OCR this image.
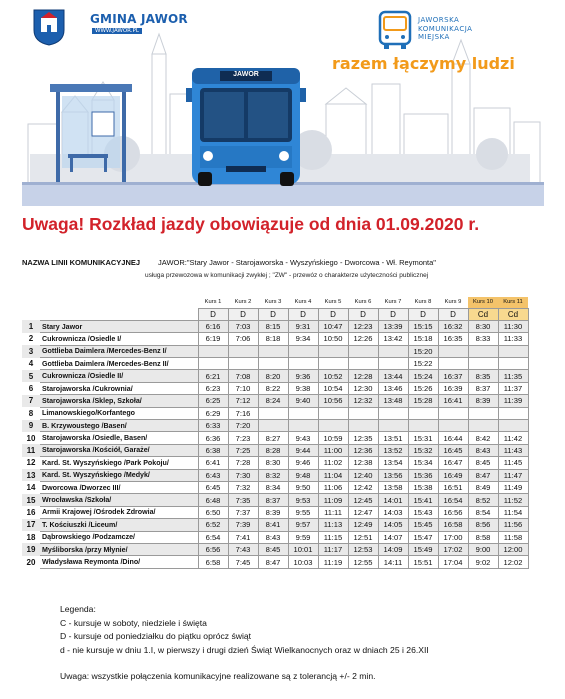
JAWOR
GMINA JAWOR
WWW.JAWOR.PL
JAWORSKA
KOMUNIKACJA
MIEJSKA
razem łączymy ludzi
Uwaga! Rozkład jazdy obowiązuje od dnia 01.09.2020 r.
NAZWA LINII KOMUNIKACYJNEJ JAWOR:"Stary Jawor - Starojaworska - Wyszyńskiego - Dworcowa - Wł. Reymonta"
usługa przewozowa w komunikacji zwykłej ; "ZW" - przewóz o charakterze użyteczności publicznej
		Kurs 1	Kurs 2	Kurs 3	Kurs 4	Kurs 5	Kurs 6	Kurs 7	Kurs 8	Kurs 9	Kurs 10	Kurs 11
		D	D	D	D	D	D	D	D	D	Cd	Cd
1	Stary Jawor	6:16	7:03	8:15	9:31	10:47	12:23	13:39	15:15	16:32	8:30	11:30
2	Cukrownicza /Osiedle I/	6:19	7:06	8:18	9:34	10:50	12:26	13:42	15:18	16:35	8:33	11:33
3	Gottlieba Daimlera /Mercedes-Benz I/								15:20			
4	Gottlieba Daimlera /Mercedes-Benz II/								15:22			
5	Cukrownicza /Osiedle II/	6:21	7:08	8:20	9:36	10:52	12:28	13:44	15:24	16:37	8:35	11:35
6	Starojaworska /Cukrownia/	6:23	7:10	8:22	9:38	10:54	12:30	13:46	15:26	16:39	8:37	11:37
7	Starojaworska /Sklep, Szkoła/	6:25	7:12	8:24	9:40	10:56	12:32	13:48	15:28	16:41	8:39	11:39
8	Limanowskiego/Korfantego	6:29	7:16									
9	B. Krzywoustego /Basen/	6:33	7:20									
10	Starojaworska /Osiedle, Basen/	6:36	7:23	8:27	9:43	10:59	12:35	13:51	15:31	16:44	8:42	11:42
11	Starojaworska /Kościół, Garaże/	6:38	7:25	8:28	9:44	11:00	12:36	13:52	15:32	16:45	8:43	11:43
12	Kard. St. Wyszyńskiego /Park Pokoju/	6:41	7:28	8:30	9:46	11:02	12:38	13:54	15:34	16:47	8:45	11:45
13	Kard. St. Wyszyńskiego /Medyk/	6:43	7:30	8:32	9:48	11:04	12:40	13:56	15:36	16:49	8:47	11:47
14	Dworcowa /Dworzec III/	6:45	7:32	8:34	9:50	11:06	12:42	13:58	15:38	16:51	8:49	11:49
15	Wrocławska /Szkoła/	6:48	7:35	8:37	9:53	11:09	12:45	14:01	15:41	16:54	8:52	11:52
16	Armii Krajowej /Ośrodek Zdrowia/	6:50	7:37	8:39	9:55	11:11	12:47	14:03	15:43	16:56	8:54	11:54
17	T. Kościuszki /Liceum/	6:52	7:39	8:41	9:57	11:13	12:49	14:05	15:45	16:58	8:56	11:56
18	Dąbrowskiego /Podzamcze/	6:54	7:41	8:43	9:59	11:15	12:51	14:07	15:47	17:00	8:58	11:58
19	Myśliborska /przy Młynie/	6:56	7:43	8:45	10:01	11:17	12:53	14:09	15:49	17:02	9:00	12:00
20	Władysława Reymonta /Dino/	6:58	7:45	8:47	10:03	11:19	12:55	14:11	15:51	17:04	9:02	12:02
Legenda:
C - kursuje w soboty, niedziele i święta
D - kursuje od poniedziałku do piątku oprócz świąt
d - nie kursuje w dniu 1.I, w pierwszy i drugi dzień Świąt Wielkanocnych oraz w dniach 25 i 26.XII
Uwaga: wszystkie połączenia komunikacyjne realizowane są z tolerancją +/- 2 min.
